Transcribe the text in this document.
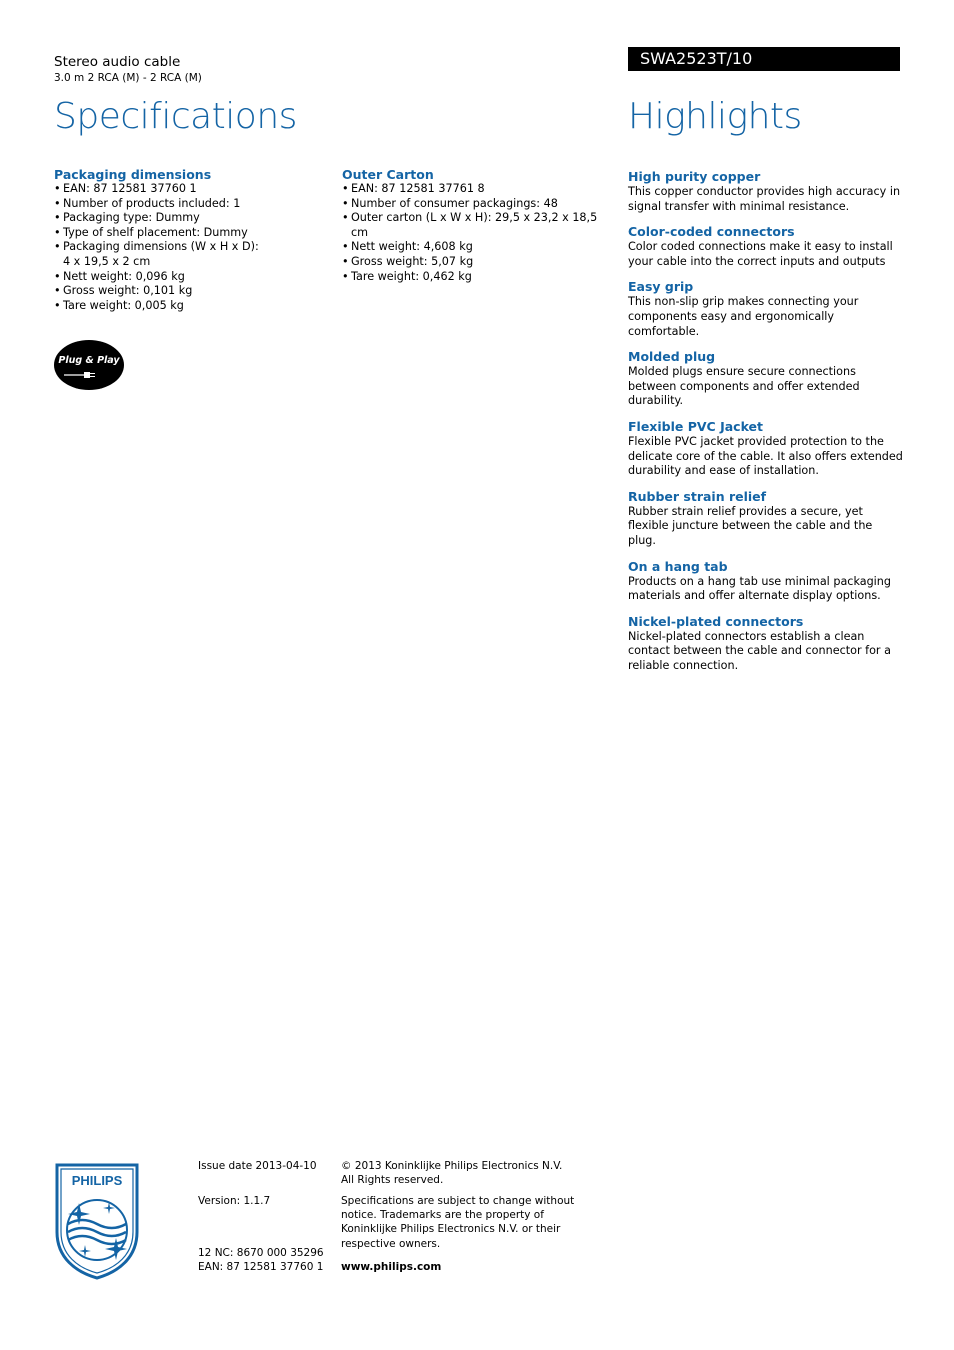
Stereo audio cable
3.0 m 2 RCA (M) - 2 RCA (M)
Specifications
SWA2523T/10
Highlights
Packaging dimensions
• EAN: 87 12581 37760 1
• Number of products included: 1
• Packaging type: Dummy
• Type of shelf placement: Dummy
• Packaging dimensions (W x H x D): 4 x 19,5 x 2 cm
• Nett weight: 0,096 kg
• Gross weight: 0,101 kg
• Tare weight: 0,005 kg
Outer Carton
• EAN: 87 12581 37761 8
• Number of consumer packagings: 48
• Outer carton (L x W x H): 29,5 x 23,2 x 18,5 cm
• Nett weight: 4,608 kg
• Gross weight: 5,07 kg
• Tare weight: 0,462 kg
Plug & Play
High purity copper
This copper conductor provides high accuracy in signal transfer with minimal resistance.
Color-coded connectors
Color coded connections make it easy to install your cable into the correct inputs and outputs
Easy grip
This non-slip grip makes connecting your components easy and ergonomically comfortable.
Molded plug
Molded plugs ensure secure connections between components and offer extended durability.
Flexible PVC Jacket
Flexible PVC jacket provided protection to the delicate core of the cable. It also offers extended durability and ease of installation.
Rubber strain relief
Rubber strain relief provides a secure, yet flexible juncture between the cable and the plug.
On a hang tab
Products on a hang tab use minimal packaging materials and offer alternate display options.
Nickel-plated connectors
Nickel-plated connectors establish a clean contact between the cable and connector for a reliable connection.
PHILIPS
Issue date 2013-04-10
Version: 1.1.7
12 NC: 8670 000 35296
EAN: 87 12581 37760 1
© 2013 Koninklijke Philips Electronics N.V.
All Rights reserved.
Specifications are subject to change without notice. Trademarks are the property of Koninklijke Philips Electronics N.V. or their respective owners.
www.philips.com
